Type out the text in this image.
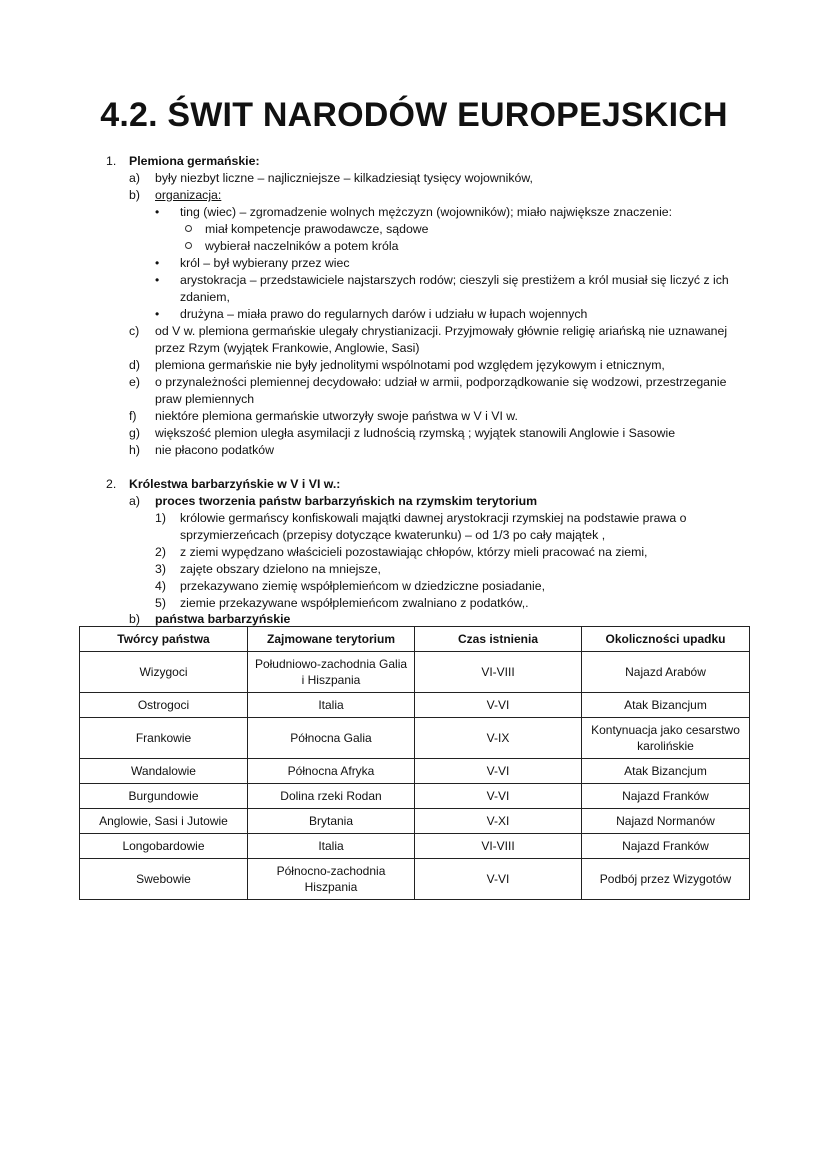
4.2. ŚWIT NARODÓW EUROPEJSKICH
1. Plemiona germańskie:
a) były niezbyt liczne – najliczniejsze – kilkadziesiąt tysięcy wojowników,
b) organizacja:
• ting (wiec) – zgromadzenie wolnych mężczyzn (wojowników); miało największe znaczenie:
miał kompetencje prawodawcze, sądowe
wybierał naczelników a potem króla
• król – był wybierany przez wiec
• arystokracja – przedstawiciele najstarszych rodów; cieszyli się prestiżem a król musiał się liczyć z ich
zdaniem,
• drużyna – miała prawo do regularnych darów i udziału w łupach wojennych
c) od V w. plemiona germańskie ulegały chrystianizacji. Przyjmowały głównie religię ariańską nie uznawanej
przez Rzym (wyjątek Frankowie, Anglowie, Sasi)
d) plemiona germańskie nie były jednolitymi wspólnotami pod względem językowym i etnicznym,
e) o przynależności plemiennej decydowało: udział w armii, podporządkowanie się wodzowi, przestrzeganie
praw plemiennych
f) niektóre plemiona germańskie utworzyły swoje państwa w V i VI w.
g) większość plemion uległa asymilacji z ludnością rzymską ; wyjątek stanowili Anglowie i Sasowie
h) nie płacono podatków
2. Królestwa barbarzyńskie w V i VI w.:
a) proces tworzenia państw barbarzyńskich na rzymskim terytorium
1) królowie germańscy konfiskowali majątki dawnej arystokracji rzymskiej na podstawie prawa o
sprzymierzeńcach (przepisy dotyczące kwaterunku) – od 1/3 po cały majątek ,
2) z ziemi wypędzano właścicieli pozostawiając chłopów, którzy mieli pracować na ziemi,
3) zajęte obszary dzielono na mniejsze,
4) przekazywano ziemię współplemieńcom w dziedziczne posiadanie,
5) ziemie przekazywane współplemieńcom zwalniano z podatków,.
b) państwa barbarzyńskie
Twórcy państwa	Zajmowane terytorium	Czas istnienia	Okoliczności upadku
Wizygoci	Południowo-zachodnia Galia i Hiszpania	VI-VIII	Najazd Arabów
Ostrogoci	Italia	V-VI	Atak Bizancjum
Frankowie	Północna Galia	V-IX	Kontynuacja jako cesarstwo karolińskie
Wandalowie	Północna Afryka	V-VI	Atak Bizancjum
Burgundowie	Dolina rzeki Rodan	V-VI	Najazd Franków
Anglowie, Sasi i Jutowie	Brytania	V-XI	Najazd Normanów
Longobardowie	Italia	VI-VIII	Najazd Franków
Swebowie	Północno-zachodnia Hiszpania	V-VI	Podbój przez Wizygotów
